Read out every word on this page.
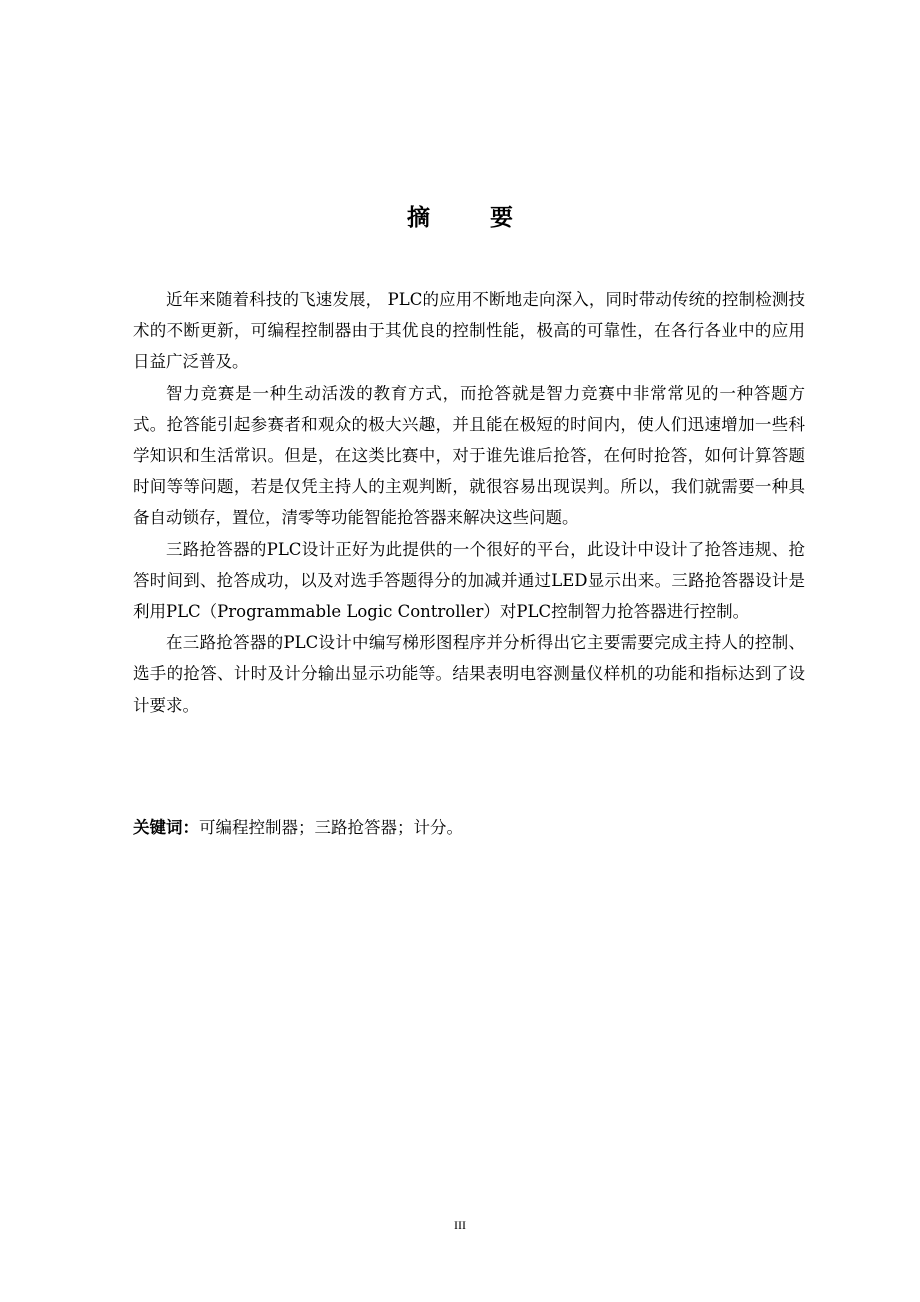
摘 要

近年来随着科技的飞速发展， PLC的应用不断地走向深入，同时带动传统的控制检测技术的不断更新，可编程控制器由于其优良的控制性能，极高的可靠性，在各行各业中的应用日益广泛普及。

智力竞赛是一种生动活泼的教育方式，而抢答就是智力竞赛中非常常见的一种答题方式。抢答能引起参赛者和观众的极大兴趣，并且能在极短的时间内，使人们迅速增加一些科学知识和生活常识。但是，在这类比赛中，对于谁先谁后抢答，在何时抢答，如何计算答题时间等等问题，若是仅凭主持人的主观判断，就很容易出现误判。所以，我们就需要一种具备自动锁存，置位，清零等功能智能抢答器来解决这些问题。

三路抢答器的PLC设计正好为此提供的一个很好的平台，此设计中设计了抢答违规、抢答时间到、抢答成功，以及对选手答题得分的加减并通过LED显示出来。三路抢答器设计是利用PLC（Programmable Logic Controller）对PLC控制智力抢答器进行控制。

在三路抢答器的PLC设计中编写梯形图程序并分析得出它主要需要完成主持人的控制、选手的抢答、计时及计分输出显示功能等。结果表明电容测量仪样机的功能和指标达到了设计要求。

关键词：可编程控制器；三路抢答器；计分。
III
